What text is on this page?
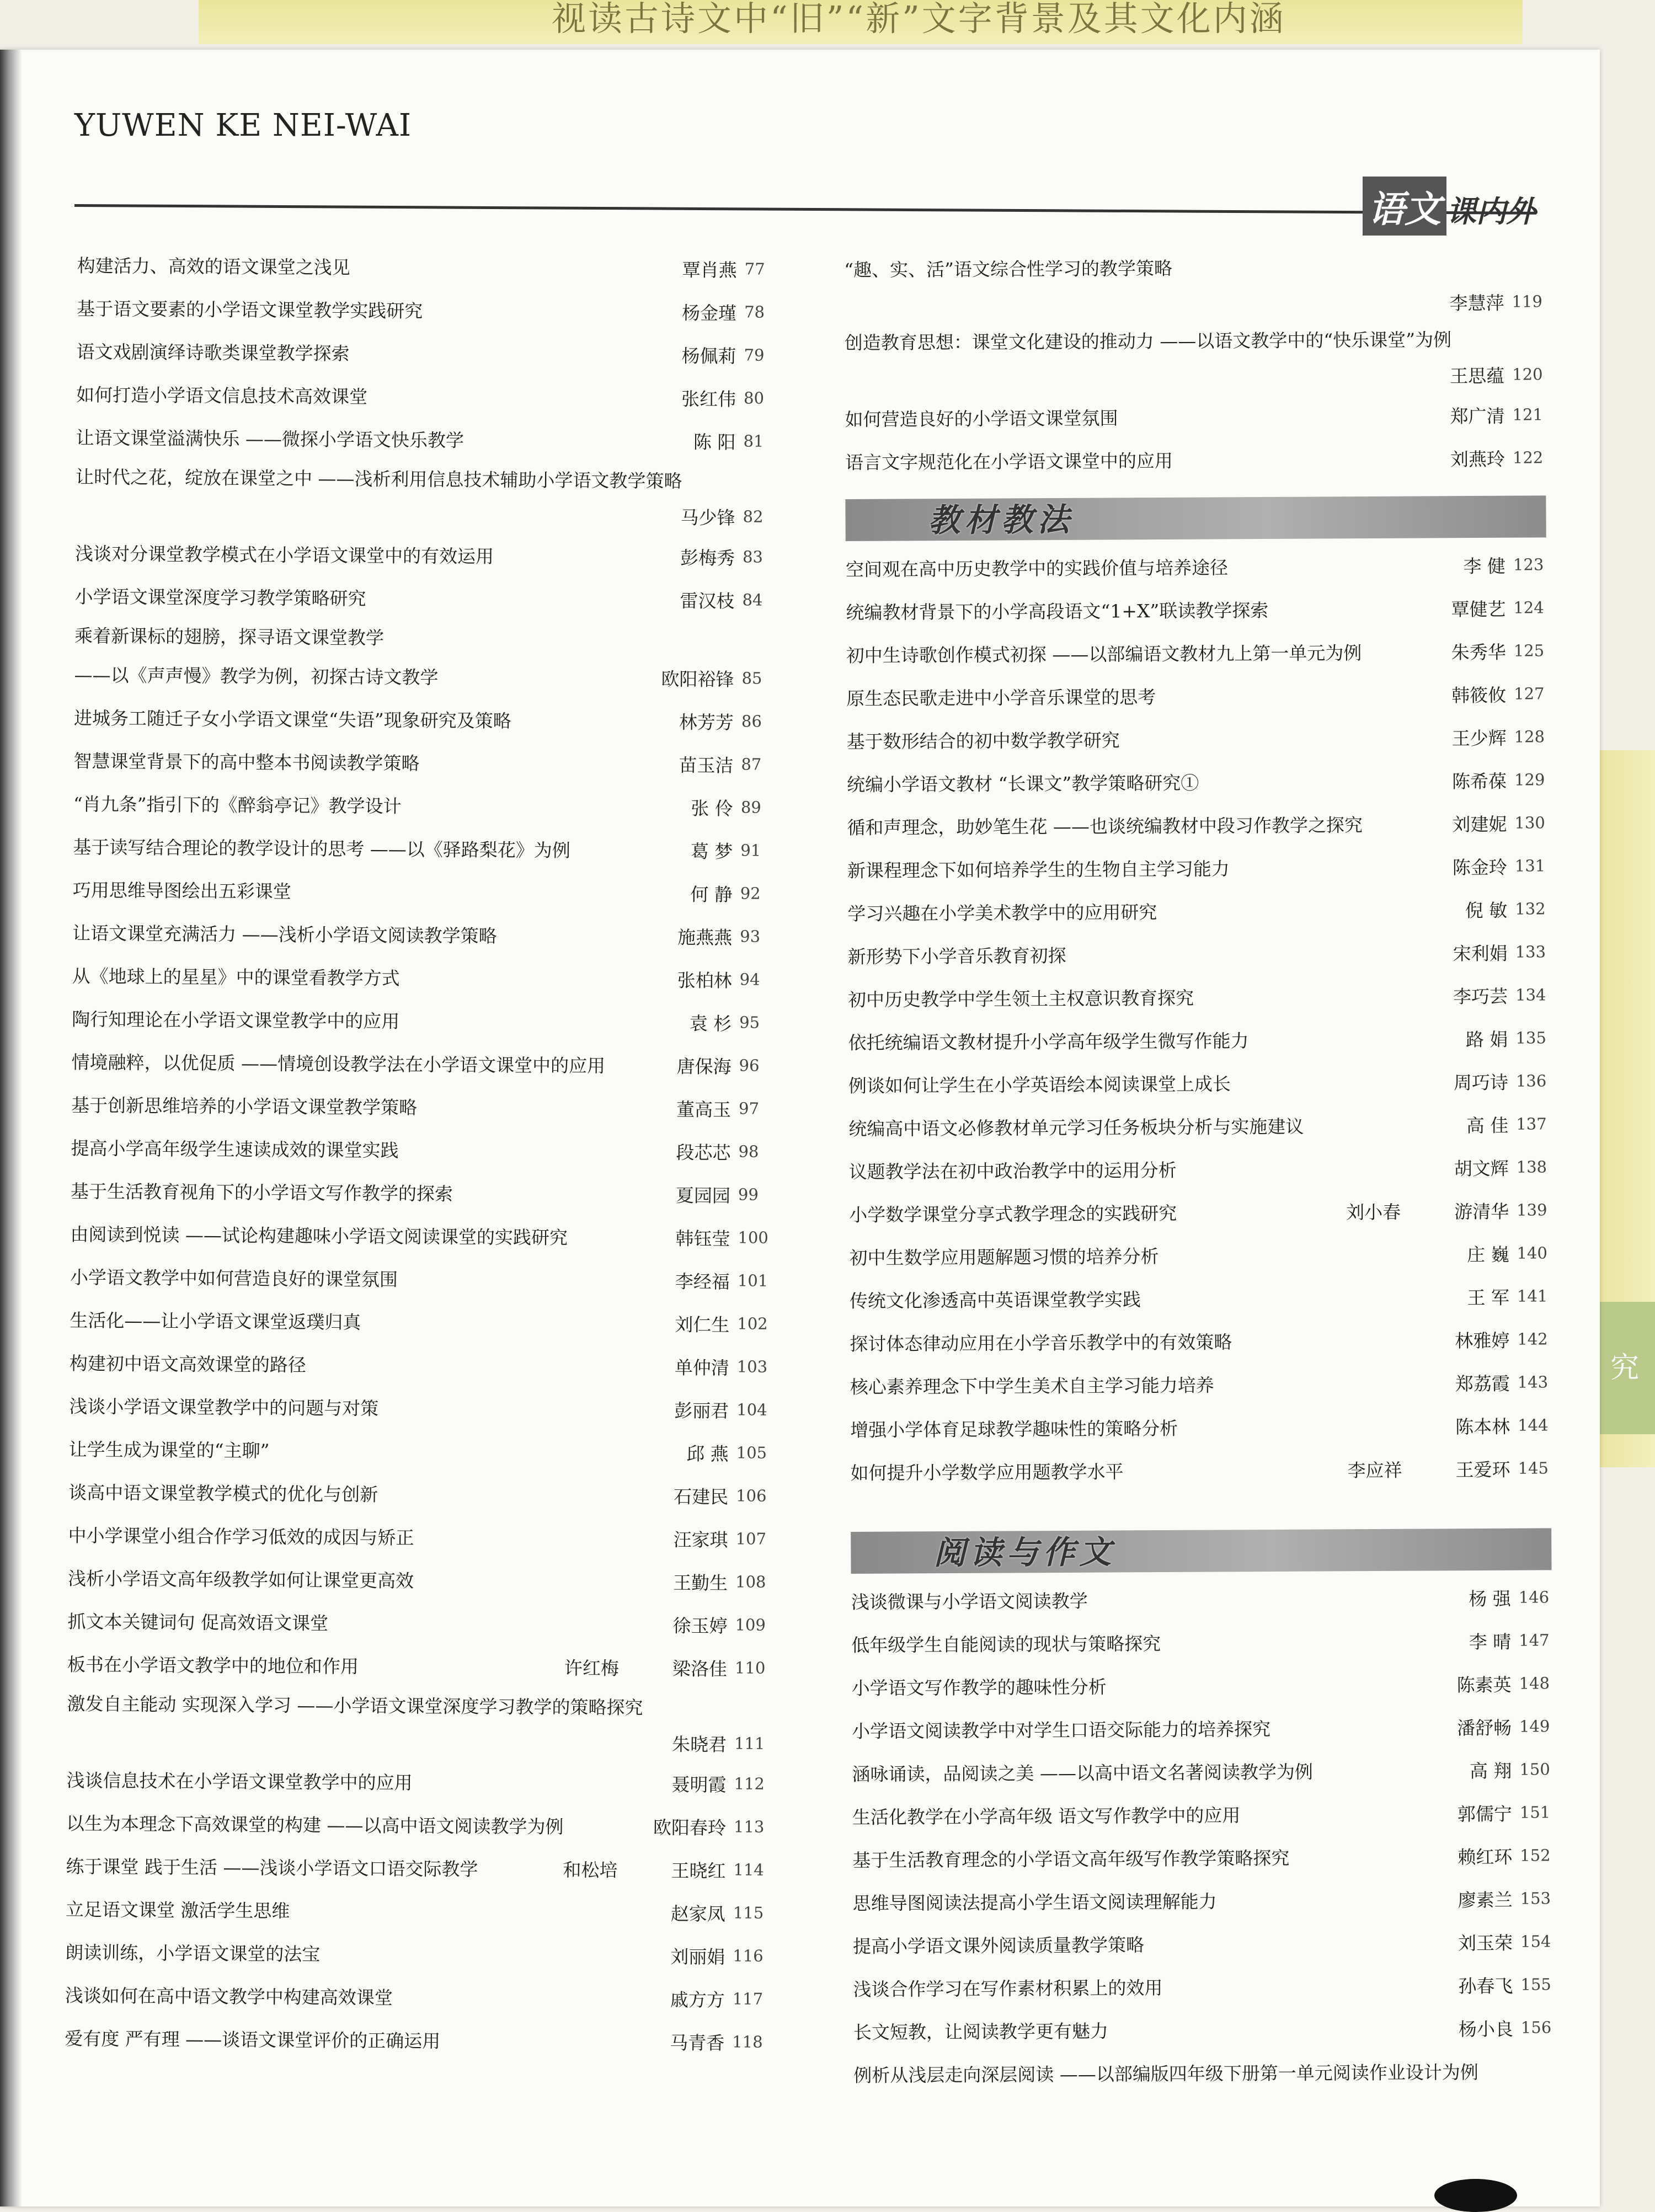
视读古诗文中“旧”“新”文字背景及其文化内涵
究
YUWEN KE NEI-WAI
语文 课内外
构建活力、高效的语文课堂之浅见	覃肖燕 77
基于语文要素的小学语文课堂教学实践研究	杨金瑾 78
语文戏剧演绎诗歌类课堂教学探索	杨佩莉 79
如何打造小学语文信息技术高效课堂	张红伟 80
让语文课堂溢满快乐 ——微探小学语文快乐教学	陈 阳 81
让时代之花，绽放在课堂之中 ——浅析利用信息技术辅助小学语文教学策略
马少锋 82
浅谈对分课堂教学模式在小学语文课堂中的有效运用	彭梅秀 83
小学语文课堂深度学习教学策略研究	雷汉枝 84
乘着新课标的翅膀，探寻语文课堂教学
——以《声声慢》教学为例，初探古诗文教学	欧阳裕锋 85
进城务工随迁子女小学语文课堂“失语”现象研究及策略	林芳芳 86
智慧课堂背景下的高中整本书阅读教学策略	苗玉洁 87
“肖九条”指引下的《醉翁亭记》教学设计	张 伶 89
基于读写结合理论的教学设计的思考 ——以《驿路梨花》为例	葛 梦 91
巧用思维导图绘出五彩课堂	何 静 92
让语文课堂充满活力 ——浅析小学语文阅读教学策略	施燕燕 93
从《地球上的星星》中的课堂看教学方式	张柏林 94
陶行知理论在小学语文课堂教学中的应用	袁 杉 95
情境融粹，以优促质 ——情境创设教学法在小学语文课堂中的应用	唐保海 96
基于创新思维培养的小学语文课堂教学策略	董高玉 97
提高小学高年级学生速读成效的课堂实践	段芯芯 98
基于生活教育视角下的小学语文写作教学的探索	夏园园 99
由阅读到悦读 ——试论构建趣味小学语文阅读课堂的实践研究	韩钰莹 100
小学语文教学中如何营造良好的课堂氛围	李经福 101
生活化——让小学语文课堂返璞归真	刘仁生 102
构建初中语文高效课堂的路径	单仲清 103
浅谈小学语文课堂教学中的问题与对策	彭丽君 104
让学生成为课堂的“主聊”	邱 燕 105
谈高中语文课堂教学模式的优化与创新	石建民 106
中小学课堂小组合作学习低效的成因与矫正	汪家琪 107
浅析小学语文高年级教学如何让课堂更高效	王勤生 108
抓文本关键词句 促高效语文课堂	徐玉婷 109
板书在小学语文教学中的地位和作用	许红梅	梁洛佳 110
激发自主能动 实现深入学习 ——小学语文课堂深度学习教学的策略探究
朱晓君 111
浅谈信息技术在小学语文课堂教学中的应用	聂明霞 112
以生为本理念下高效课堂的构建 ——以高中语文阅读教学为例	欧阳春玲 113
练于课堂 践于生活 ——浅谈小学语文口语交际教学	和松培	王晓红 114
立足语文课堂 激活学生思维	赵家凤 115
朗读训练，小学语文课堂的法宝	刘丽娟 116
浅谈如何在高中语文教学中构建高效课堂	戚方方 117
爱有度 严有理 ——谈语文课堂评价的正确运用	马青香 118
“趣、实、活”语文综合性学习的教学策略
李慧萍 119
创造教育思想：课堂文化建设的推动力 ——以语文教学中的“快乐课堂”为例
王思蕴 120
如何营造良好的小学语文课堂氛围	郑广清 121
语言文字规范化在小学语文课堂中的应用	刘燕玲 122
教材教法
空间观在高中历史教学中的实践价值与培养途径	李 健 123
统编教材背景下的小学高段语文“1+X”联读教学探索	覃健艺 124
初中生诗歌创作模式初探 ——以部编语文教材九上第一单元为例	朱秀华 125
原生态民歌走进中小学音乐课堂的思考	韩筱攸 127
基于数形结合的初中数学教学研究	王少辉 128
统编小学语文教材 “长课文”教学策略研究①	陈希葆 129
循和声理念，助妙笔生花 ——也谈统编教材中段习作教学之探究	刘建妮 130
新课程理念下如何培养学生的生物自主学习能力	陈金玲 131
学习兴趣在小学美术教学中的应用研究	倪 敏 132
新形势下小学音乐教育初探	宋利娟 133
初中历史教学中学生领土主权意识教育探究	李巧芸 134
依托统编语文教材提升小学高年级学生微写作能力	路 娟 135
例谈如何让学生在小学英语绘本阅读课堂上成长	周巧诗 136
统编高中语文必修教材单元学习任务板块分析与实施建议	高 佳 137
议题教学法在初中政治教学中的运用分析	胡文辉 138
小学数学课堂分享式教学理念的实践研究	刘小春	游清华 139
初中生数学应用题解题习惯的培养分析	庄 巍 140
传统文化渗透高中英语课堂教学实践	王 军 141
探讨体态律动应用在小学音乐教学中的有效策略	林雅婷 142
核心素养理念下中学生美术自主学习能力培养	郑荔霞 143
增强小学体育足球教学趣味性的策略分析	陈本林 144
如何提升小学数学应用题教学水平	李应祥	王爱环 145
阅读与作文
浅谈微课与小学语文阅读教学	杨 强 146
低年级学生自能阅读的现状与策略探究	李 晴 147
小学语文写作教学的趣味性分析	陈素英 148
小学语文阅读教学中对学生口语交际能力的培养探究	潘舒畅 149
涵咏诵读，品阅读之美 ——以高中语文名著阅读教学为例	高 翔 150
生活化教学在小学高年级 语文写作教学中的应用	郭儒宁 151
基于生活教育理念的小学语文高年级写作教学策略探究	赖红环 152
思维导图阅读法提高小学生语文阅读理解能力	廖素兰 153
提高小学语文课外阅读质量教学策略	刘玉荣 154
浅谈合作学习在写作素材积累上的效用	孙春飞 155
长文短教，让阅读教学更有魅力	杨小良 156
例析从浅层走向深层阅读 ——以部编版四年级下册第一单元阅读作业设计为例
